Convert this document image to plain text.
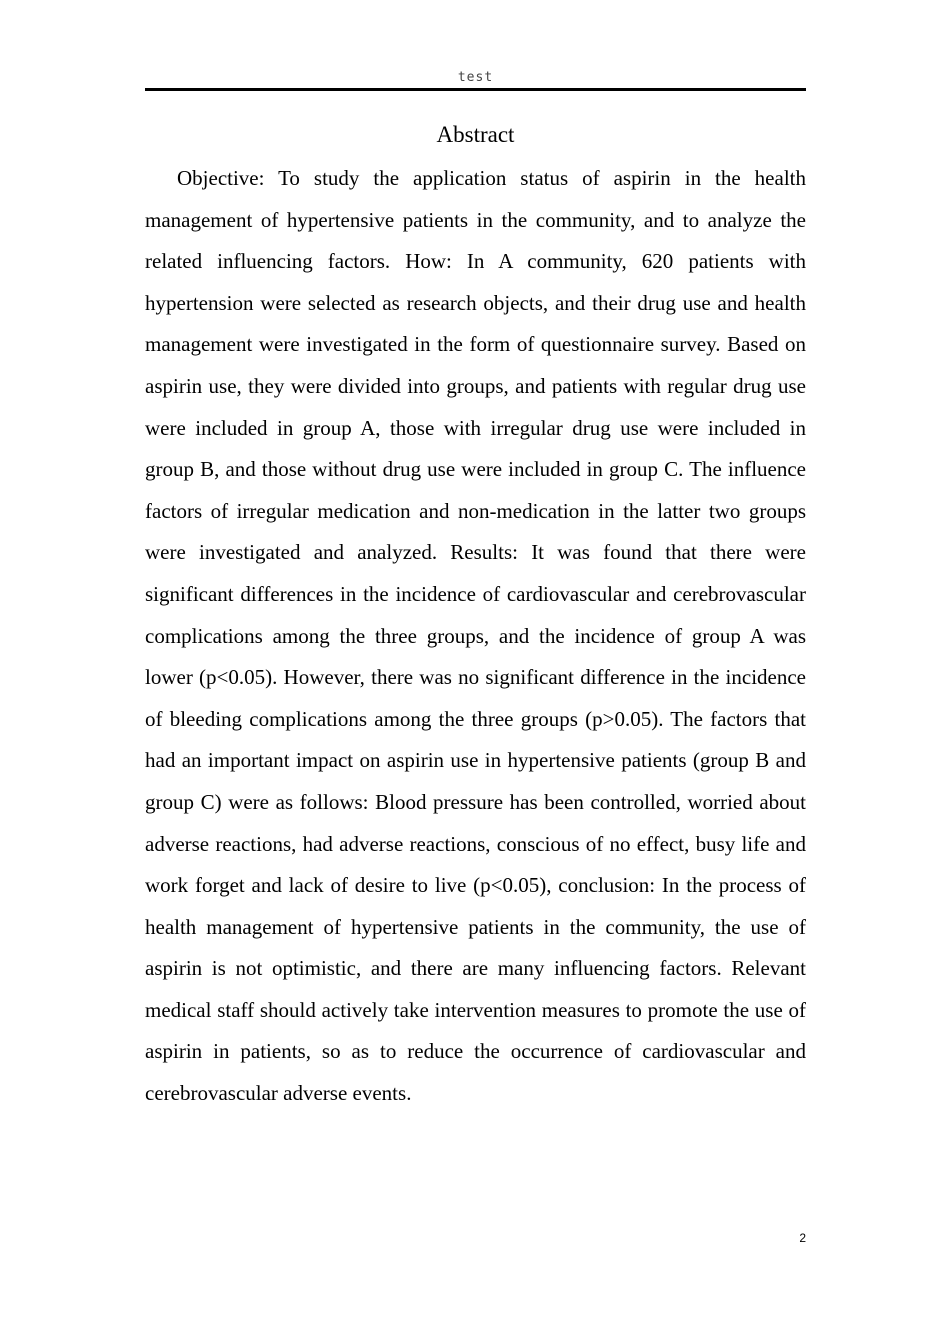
test
Abstract

Objective: To study the application status of aspirin in the health management of hypertensive patients in the community, and to analyze the related influencing factors. How: In A community, 620 patients with hypertension were selected as research objects, and their drug use and health management were investigated in the form of questionnaire survey. Based on aspirin use, they were divided into groups, and patients with regular drug use were included in group A, those with irregular drug use were included in group B, and those without drug use were included in group C. The influence factors of irregular medication and non-medication in the latter two groups were investigated and analyzed. Results: It was found that there were significant differences in the incidence of cardiovascular and cerebrovascular complications among the three groups, and the incidence of group A was lower (p<0.05). However, there was no significant difference in the incidence of bleeding complications among the three groups (p>0.05). The factors that had an important impact on aspirin use in hypertensive patients (group B and group C) were as follows: Blood pressure has been controlled, worried about adverse reactions, had adverse reactions, conscious of no effect, busy life and work forget and lack of desire to live (p<0.05), conclusion: In the process of health management of hypertensive patients in the community, the use of aspirin is not optimistic, and there are many influencing factors. Relevant medical staff should actively take intervention measures to promote the use of aspirin in patients, so as to reduce the occurrence of cardiovascular and cerebrovascular adverse events.

2
